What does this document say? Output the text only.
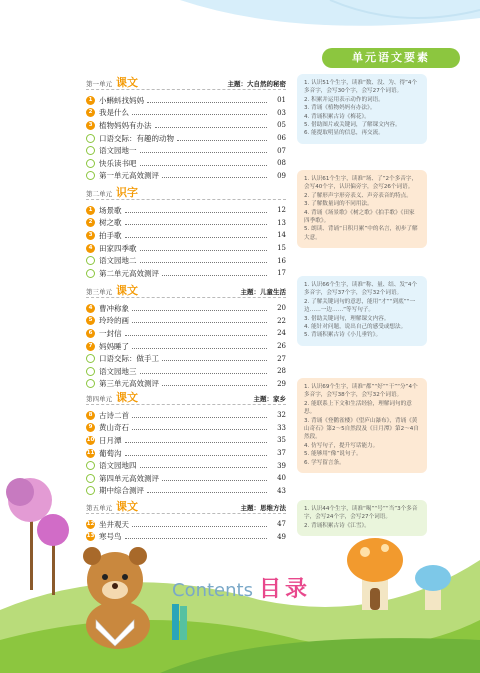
单元语文要素
第一单元 课文	主题：大自然的秘密
1 小蝌蚪找妈妈	01
2 我是什么	03
3 植物妈妈有办法	05
口语交际：有趣的动物	06
语文园地一	07
快乐读书吧	08
第一单元高效测评	09
第二单元 识字
1 场景歌	12
2 树之歌	13
3 拍手歌	14
4 田家四季歌	15
语文园地二	16
第二单元高效测评	17
第三单元 课文	主题：儿童生活
4 曹冲称象	20
5 玲玲的画	22
6 一封信	24
7 妈妈睡了	26
口语交际：做手工	27
语文园地三	28
第三单元高效测评	29
第四单元 课文	主题：家乡
8 古诗二首	32
9 黄山奇石	33
10 日月潭	35
11 葡萄沟	37
语文园地四	39
第四单元高效测评	40
期中综合测评	43
第五单元 课文	主题：思维方法
12 坐井观天	47
13 寒号鸟	49

1. 认识51个生字，读准“数、没、为、得”4个多音字，会写30个字，会写27个词语。

2. 积累并运用表示动作的词语。

3. 背诵《植物妈妈有办法》。

4. 背诵积累古诗《梅花》。

5. 借助图片或关键词，了解课文内容。

6. 能提取明显的信息，再交流。

1. 认识61个生字，读准“场、了”2个多音字，会写40个字，认识偏旁字，会写26个词语。

2. 了解形声字形旁表义、声旁表音的特点。

3. 了解数量词的不同用法。

4. 背诵《场景歌》《树之歌》《拍手歌》《田家四季歌》。

5. 朗读、背诵“日积月累”中的名言，初步了解大意。

1. 认识66个生字，读准“称、量、结、发”4个多音字，会写37个字，会写32个词语。

2. 了解关键词句的意思，能用“才”“到底”“一边……一边……”等写句子。

3. 借助关键词句，理解课文内容。

4. 能针对问题，说出自己的感受或想法。

5. 背诵积累古诗《小儿垂钓》。

1. 认识69个生字，读准“都”“好”“干”“分”4个多音字，会写38个字，会写32个词语。

2. 能联系上下文和生活经验，理解词句的意思。

3. 背诵《登鹳雀楼》《望庐山瀑布》，背诵《黄山奇石》第2～5自然段及《日月潭》第2～4自然段。

4. 仿写句子，提升写话能力。

5. 能够用“像”说句子。

6. 学写留言条。

1. 认识44个生字，读准“喝”“号”“当”3个多音字，会写24个字，会写27个词语。

2. 背诵积累古诗《江雪》。

Contents 目录
